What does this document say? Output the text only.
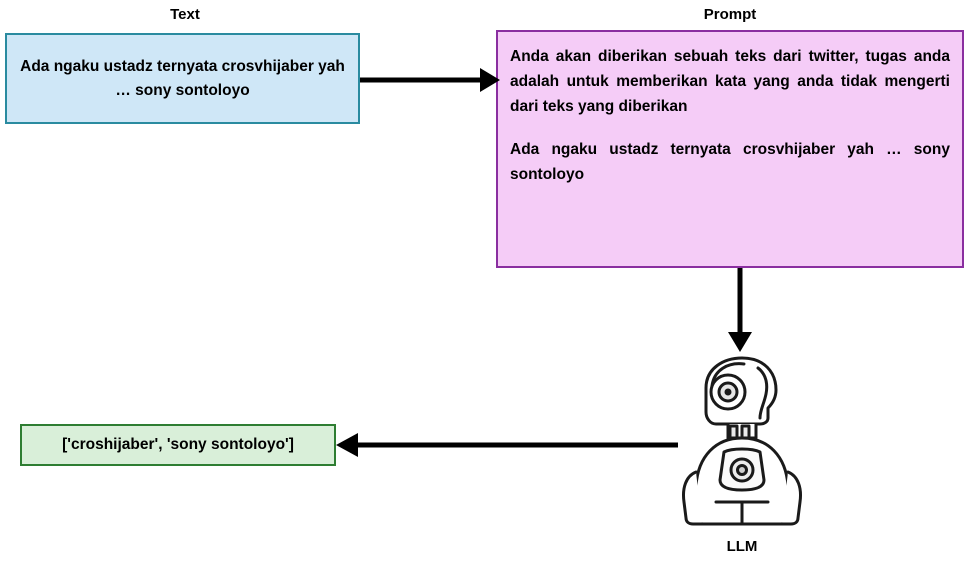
Text	Prompt
Ada ngaku ustadz ternyata crosvhijaber yah … sony sontoloyo
Anda akan diberikan sebuah teks dari twitter, tugas anda adalah untuk memberikan kata yang anda tidak mengerti dari teks yang diberikan
Ada ngaku ustadz ternyata crosvhijaber yah … sony sontoloyo
['croshijaber', 'sony sontoloyo']
LLM
